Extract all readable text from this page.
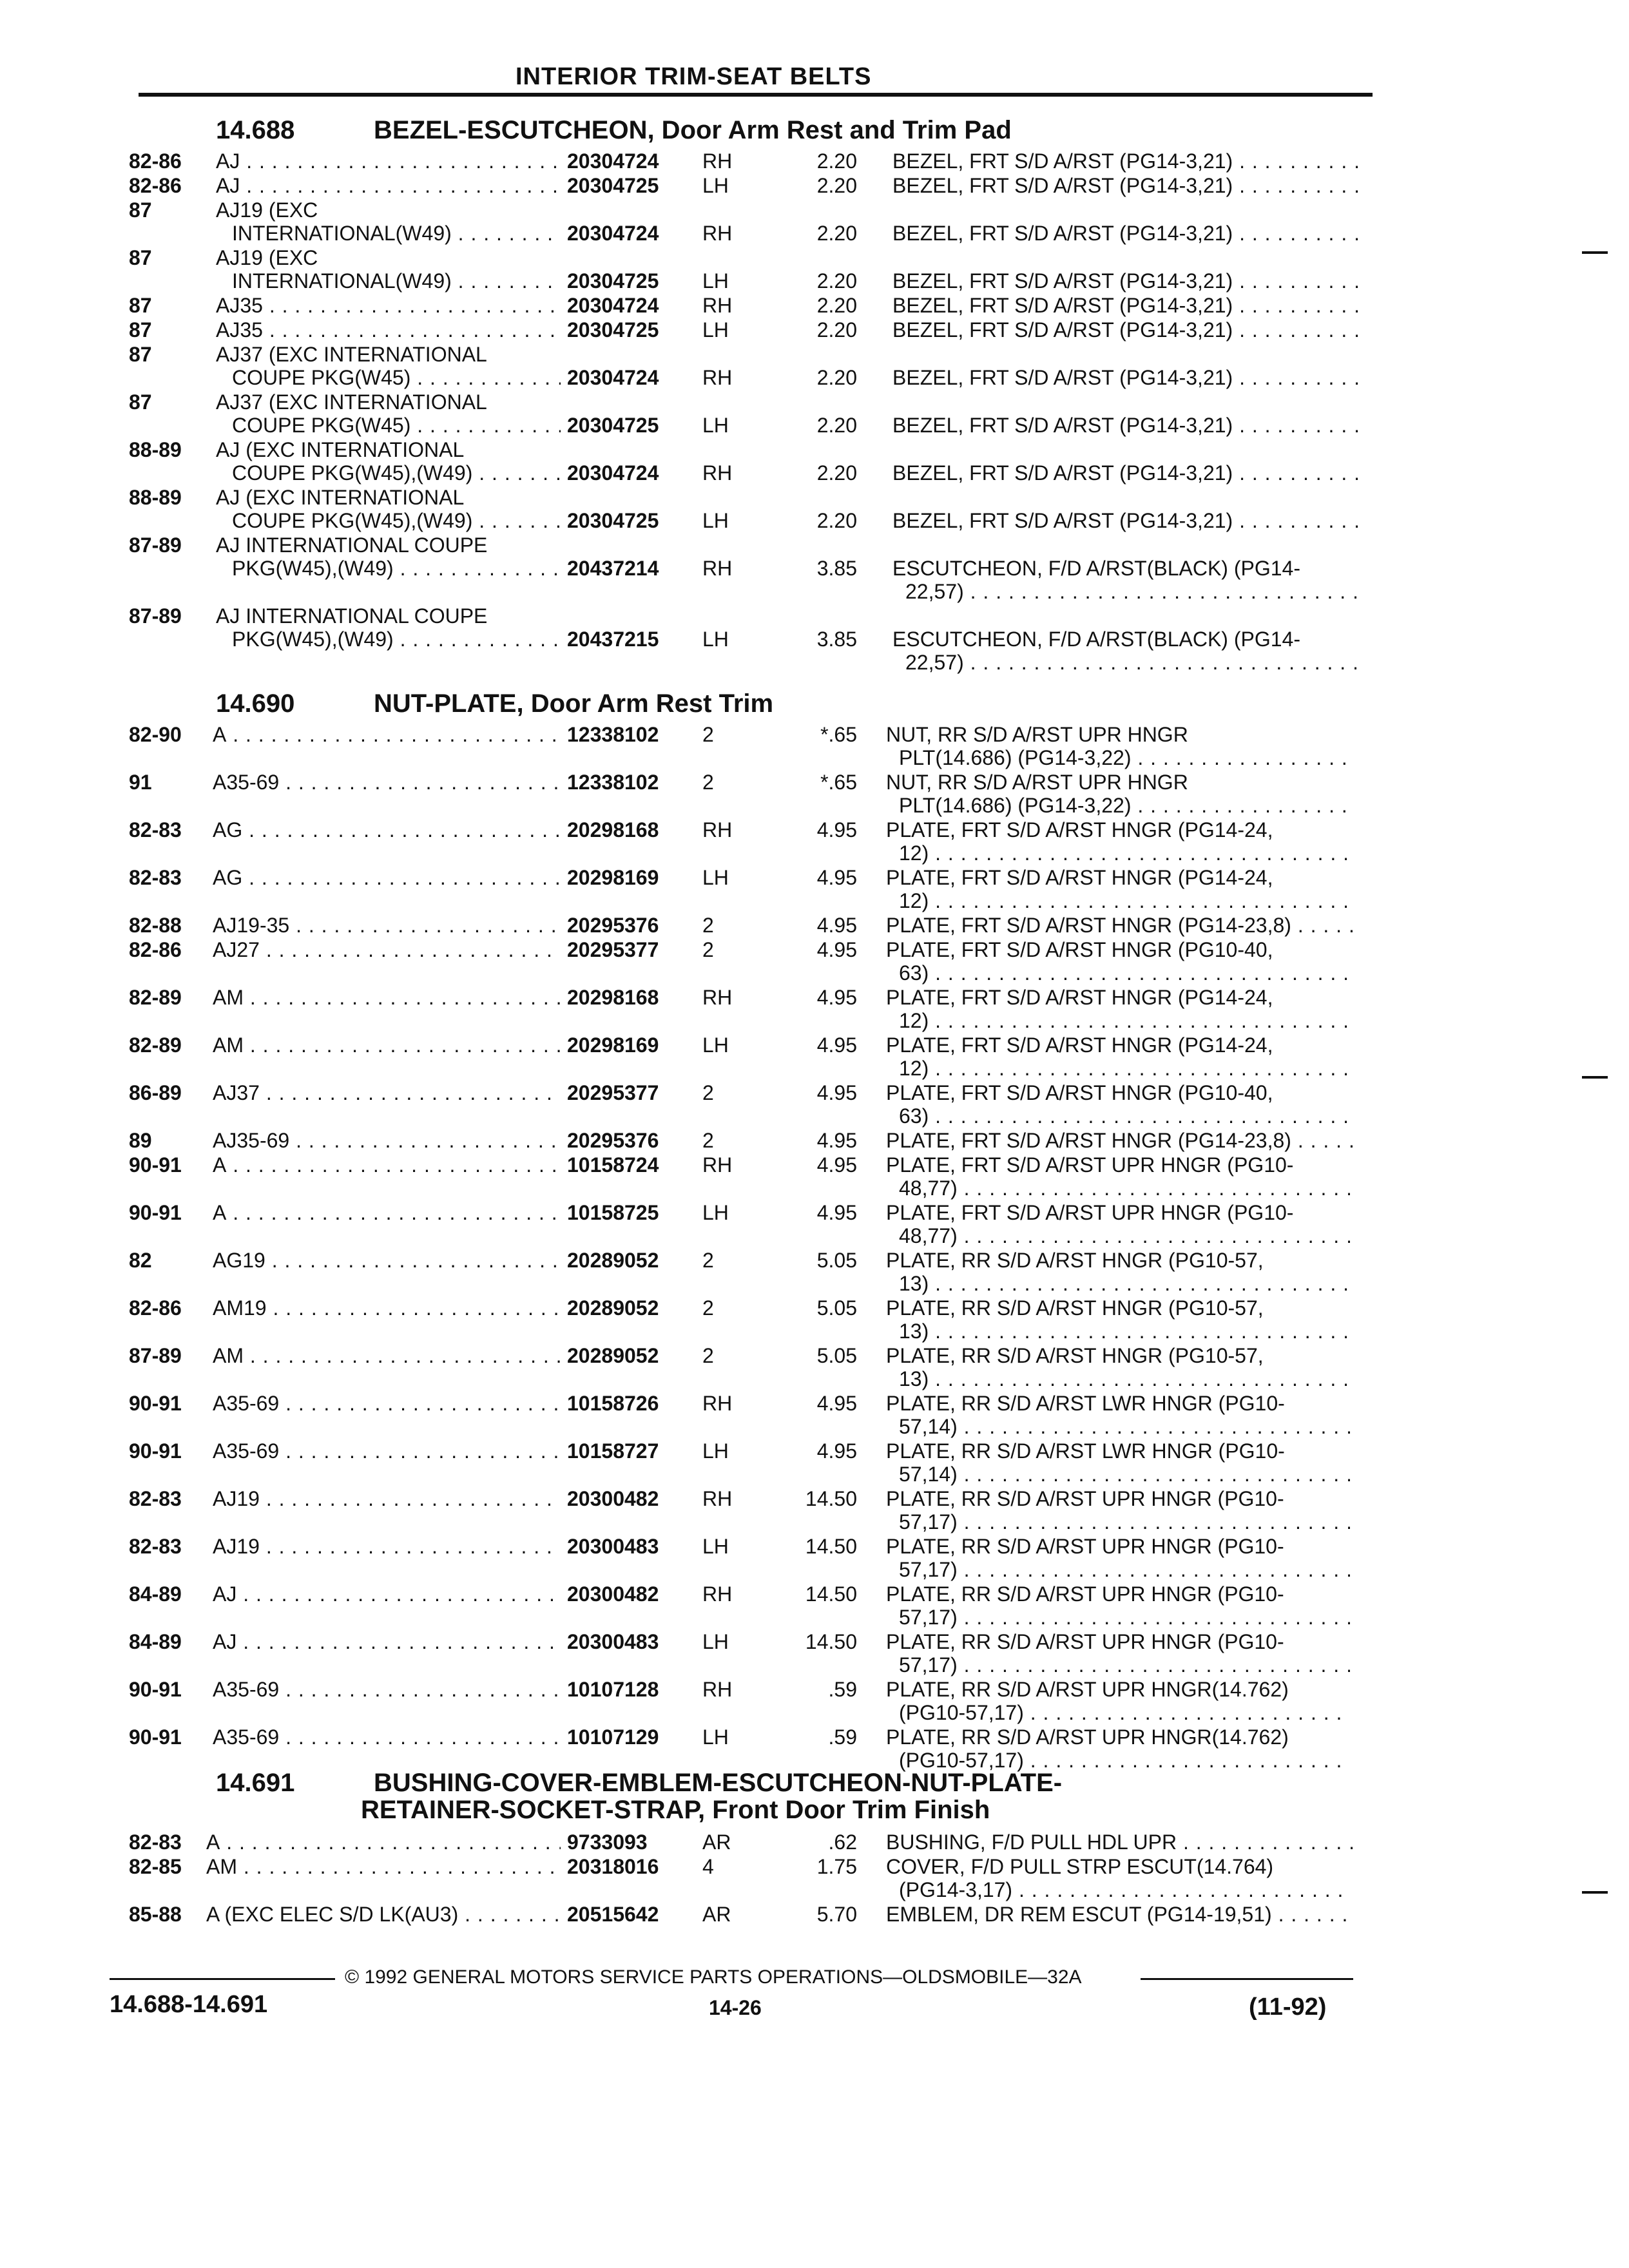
INTERIOR TRIM-SEAT BELTS
14.688	BEZEL-ESCUTCHEON, Door Arm Rest and Trim Pad
82-86 AJ . . .	20304724 RH	2.20 BEZEL, FRT S/D A/RST (PG14-3,21) . . .
82-86 AJ . . .	20304725 LH	2.20 BEZEL, FRT S/D A/RST (PG14-3,21) . . .
87	AJ19 (EXC
INTERNATIONAL(W49) . . .	20304724 RH	2.20 BEZEL, FRT S/D A/RST (PG14-3,21) . . .
87	AJ19 (EXC
INTERNATIONAL(W49) . . .	20304725 LH	2.20 BEZEL, FRT S/D A/RST (PG14-3,21) . . .
87	AJ35 . . .	20304724 RH	2.20 BEZEL, FRT S/D A/RST (PG14-3,21) . . .
87	AJ35 . . .	20304725 LH	2.20 BEZEL, FRT S/D A/RST (PG14-3,21) . . .
87	AJ37 (EXC INTERNATIONAL
COUPE PKG(W45) . . .	20304724 RH	2.20 BEZEL, FRT S/D A/RST (PG14-3,21) . . .
87	AJ37 (EXC INTERNATIONAL
COUPE PKG(W45) . . .	20304725 LH	2.20 BEZEL, FRT S/D A/RST (PG14-3,21) . . .
88-89 AJ (EXC INTERNATIONAL
COUPE PKG(W45),(W49) . . .	20304724 RH	2.20 BEZEL, FRT S/D A/RST (PG14-3,21) . . .
88-89 AJ (EXC INTERNATIONAL
COUPE PKG(W45),(W49) . . .	20304725 LH	2.20 BEZEL, FRT S/D A/RST (PG14-3,21) . . .
87-89 AJ INTERNATIONAL COUPE
PKG(W45),(W49) . . .	20437214 RH	3.85 ESCUTCHEON, F/D A/RST(BLACK) (PG14-
22,57) . . .
87-89 AJ INTERNATIONAL COUPE
PKG(W45),(W49) . . .	20437215 LH	3.85 ESCUTCHEON, F/D A/RST(BLACK) (PG14-
22,57) . . .
14.690	NUT-PLATE, Door Arm Rest Trim
82-90 A . . .	12338102 2	*.65 NUT, RR S/D A/RST UPR HNGR
PLT(14.686) (PG14-3,22) . . .
91	A35-69 . . .	12338102 2	*.65 NUT, RR S/D A/RST UPR HNGR
PLT(14.686) (PG14-3,22) . . .
82-83 AG . . .	20298168 RH	4.95 PLATE, FRT S/D A/RST HNGR (PG14-24,
12) . . .
82-83 AG . . .	20298169 LH	4.95 PLATE, FRT S/D A/RST HNGR (PG14-24,
12) . . .
82-88 AJ19-35 . . .	20295376 2	4.95 PLATE, FRT S/D A/RST HNGR (PG14-23,8) . . .
82-86 AJ27 . . .	20295377 2	4.95 PLATE, FRT S/D A/RST HNGR (PG10-40,
63) . . .
82-89 AM . . .	20298168 RH	4.95 PLATE, FRT S/D A/RST HNGR (PG14-24,
12) . . .
82-89 AM . . .	20298169 LH	4.95 PLATE, FRT S/D A/RST HNGR (PG14-24,
12) . . .
86-89 AJ37 . . .	20295377 2	4.95 PLATE, FRT S/D A/RST HNGR (PG10-40,
63) . . .
89	AJ35-69 . . .	20295376 2	4.95 PLATE, FRT S/D A/RST HNGR (PG14-23,8) . . .
90-91 A . . .	10158724 RH	4.95 PLATE, FRT S/D A/RST UPR HNGR (PG10-
48,77) . . .
90-91 A . . .	10158725 LH	4.95 PLATE, FRT S/D A/RST UPR HNGR (PG10-
48,77) . . .
82	AG19 . . .	20289052 2	5.05 PLATE, RR S/D A/RST HNGR (PG10-57,
13) . . .
82-86 AM19 . . .	20289052 2	5.05 PLATE, RR S/D A/RST HNGR (PG10-57,
13) . . .
87-89 AM . . .	20289052 2	5.05 PLATE, RR S/D A/RST HNGR (PG10-57,
13) . . .
90-91 A35-69 . . .	10158726 RH	4.95 PLATE, RR S/D A/RST LWR HNGR (PG10-
57,14) . . .
90-91 A35-69 . . .	10158727 LH	4.95 PLATE, RR S/D A/RST LWR HNGR (PG10-
57,14) . . .
82-83 AJ19 . . .	20300482 RH	14.50 PLATE, RR S/D A/RST UPR HNGR (PG10-
57,17) . . .
82-83 AJ19 . . .	20300483 LH	14.50 PLATE, RR S/D A/RST UPR HNGR (PG10-
57,17) . . .
84-89 AJ . . .	20300482 RH	14.50 PLATE, RR S/D A/RST UPR HNGR (PG10-
57,17) . . .
84-89 AJ . . .	20300483 LH	14.50 PLATE, RR S/D A/RST UPR HNGR (PG10-
57,17) . . .
90-91 A35-69 . . .	10107128 RH	.59 PLATE, RR S/D A/RST UPR HNGR(14.762)
(PG10-57,17) . . .
90-91 A35-69 . . .	10107129 LH	.59 PLATE, RR S/D A/RST UPR HNGR(14.762)
(PG10-57,17) . . .
14.691	BUSHING-COVER-EMBLEM-ESCUTCHEON-NUT-PLATE-
RETAINER-SOCKET-STRAP, Front Door Trim Finish
82-83 A . . .	9733093	AR	.62 BUSHING, F/D PULL HDL UPR . . .
82-85 AM . . .	20318016 4	1.75 COVER, F/D PULL STRP ESCUT(14.764)
(PG14-3,17) . . .
85-88 A (EXC ELEC S/D LK(AU3) . . .	20515642 AR	5.70 EMBLEM, DR REM ESCUT (PG14-19,51) . . .
© 1992 GENERAL MOTORS SERVICE PARTS OPERATIONS—OLDSMOBILE—32A
14.688-14.691	14-26	(11-92)
